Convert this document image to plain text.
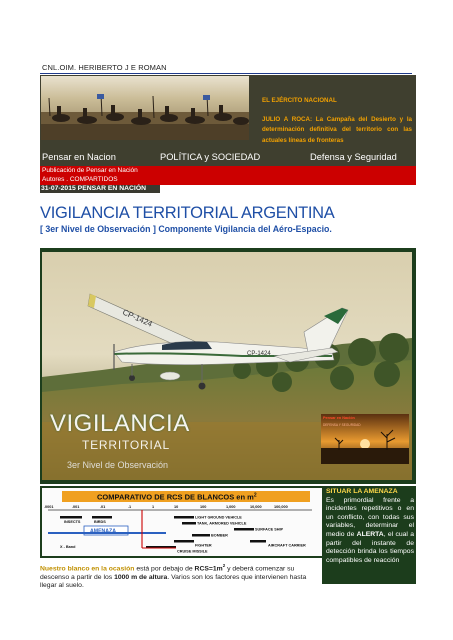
CNL.OIM. HERIBERTO J E ROMAN
EL EJÉRCITO NACIONAL
JULIO A ROCA: La Campaña del Desierto y la determinación definitiva del territorio con las actuales líneas de fronteras
Pensar en Nacion	POLÍTICA y SOCIEDAD	Defensa y Seguridad
Publicación de Pensar en Nación
Autores . COMPARTIDOS
31-07-2015 PENSAR EN NACIÓN
VIGILANCIA TERRITORIAL ARGENTINA
[ 3er Nivel de Observación ] Componente Vigilancia del Aéro-Espacio.
CP-1424
CP-1424
VIGILANCIA
TERRITORIAL
3er Nivel de Observación
Pensar en Nación
DEFENSA Y SEGURIDAD
COMPARATIVO DE RCS DE BLANCOS en $m^2$
.0001	.001	.01	.1	1	10	100	1,000	10,000	100,000
INSECTS	BIRDS
AMENAZA
X - Band
LIGHT GROUND VEHICLE
TANK, ARMORED VEHICLE
SURFACE SHIP
BOMBER
FIGHTER	AIRCRAFT CARRIER
CRUISE MISSILE
Nuestro blanco en la ocasión está por debajo de $RCS=1m^2$ y deberá comenzar su descenso a partir de los 1000 m de altura. Varios son los factores que intervienen hasta llegar al suelo.
SITUAR LA AMENAZA
Es primordial frente a incidentes repetitivos o en un conflicto, con todas sus variables, determinar el medio de ALERTA, el cual a partir del instante de detección brinda los tiempos compatibles de reacción
